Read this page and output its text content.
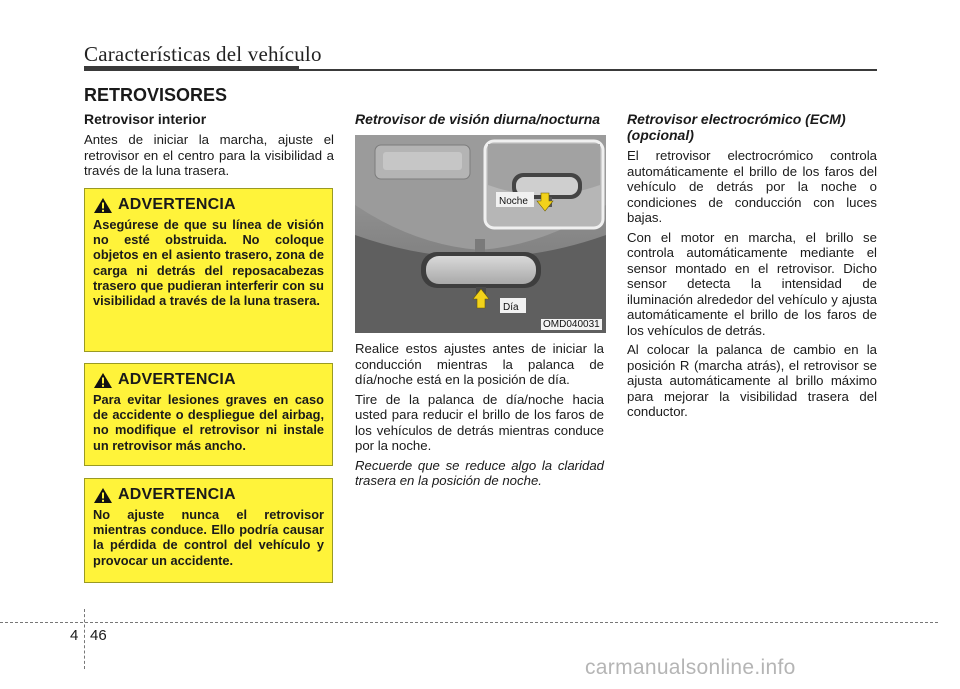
Características del vehículo
RETROVISORES
Retrovisor interior

Antes de iniciar la marcha, ajuste el retrovisor en el centro para la visibilidad a través de la luna trasera.

ADVERTENCIA
Asegúrese de que su línea de visión no esté obstruida. No coloque objetos en el asiento trasero, zona de carga ni detrás del reposacabezas trasero que pudieran interferir con su visibilidad a través de la luna trasera.
ADVERTENCIA
Para evitar lesiones graves en caso de accidente o despliegue del airbag, no modifique el retrovisor ni instale un retrovisor más ancho.
ADVERTENCIA
No ajuste nunca el retrovisor mientras conduce. Ello podría causar la pérdida de control del vehículo y provocar un accidente.
Retrovisor de visión diurna/nocturna
Día
Noche
OMD040031

Realice estos ajustes antes de iniciar la conducción mientras la palanca de día/noche está en la posición de día.

Tire de la palanca de día/noche hacia usted para reducir el brillo de los faros de los vehículos de detrás mientras conduce por la noche.

Recuerde que se reduce algo la claridad trasera en la posición de noche.

Retrovisor electrocrómico (ECM) (opcional)

El retrovisor electrocrómico controla automáticamente el brillo de los faros del vehículo de detrás por la noche o condiciones de conducción con luces bajas.

Con el motor en marcha, el brillo se controla automáticamente mediante el sensor montado en el retrovisor. Dicho sensor detecta la intensidad de iluminación alrededor del vehículo y ajusta automáticamente el brillo de los faros de los vehículos de detrás.

Al colocar la palanca de cambio en la posición R (marcha atrás), el retrovisor se ajusta automáticamente al brillo máximo para mejorar la visibilidad trasera del conductor.

4 46
carmanualsonline.info
